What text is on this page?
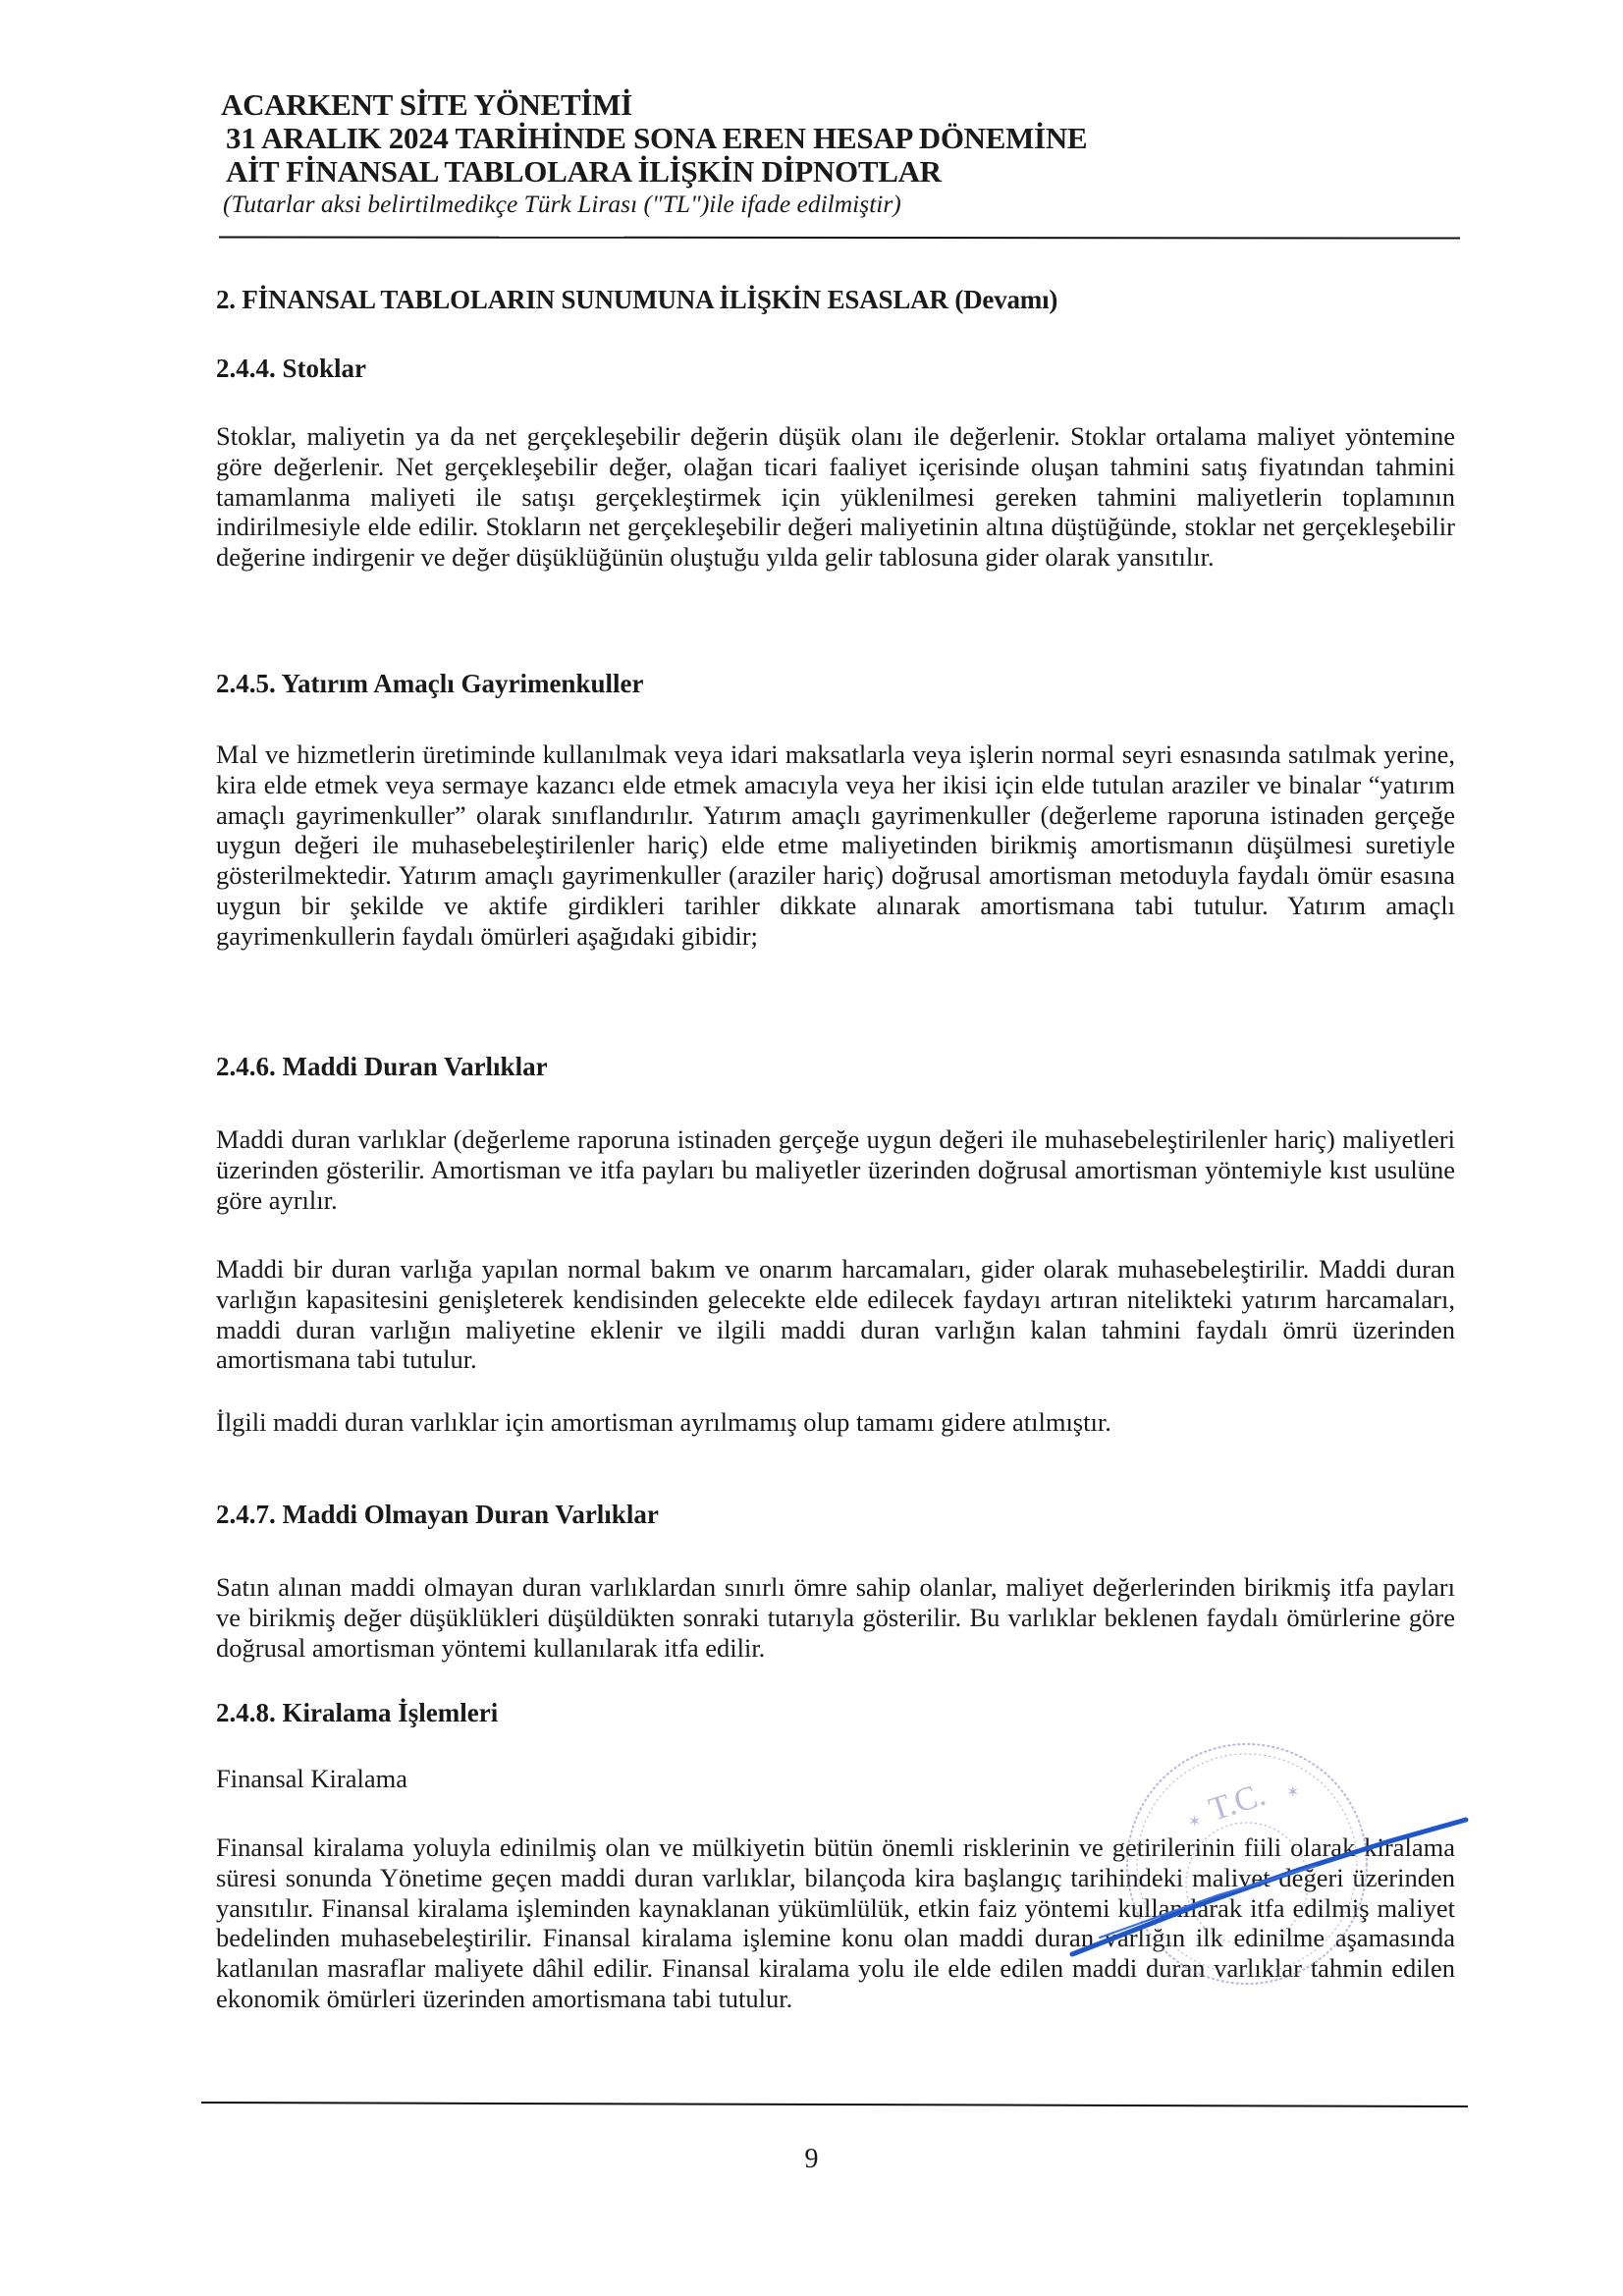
ACARKENT SİTE YÖNETİMİ
31 ARALIK 2024 TARİHİNDE SONA EREN HESAP DÖNEMİNE
AİT FİNANSAL TABLOLARA İLİŞKİN DİPNOTLAR
(Tutarlar aksi belirtilmedikçe Türk Lirası ("TL")ile ifade edilmiştir)
2. FİNANSAL TABLOLARIN SUNUMUNA İLİŞKİN ESASLAR (Devamı)
2.4.4. Stoklar

Stoklar, maliyetin ya da net gerçekleşebilir değerin düşük olanı ile değerlenir. Stoklar ortalama maliyet yöntemine göre değerlenir. Net gerçekleşebilir değer, olağan ticari faaliyet içerisinde oluşan tahmini satış fiyatından tahmini tamamlanma maliyeti ile satışı gerçekleştirmek için yüklenilmesi gereken tahmini maliyetlerin toplamının indirilmesiyle elde edilir. Stokların net gerçekleşebilir değeri maliyetinin altına düştüğünde, stoklar net gerçekleşebilir değerine indirgenir ve değer düşüklüğünün oluştuğu yılda gelir tablosuna gider olarak yansıtılır.

2.4.5. Yatırım Amaçlı Gayrimenkuller

Mal ve hizmetlerin üretiminde kullanılmak veya idari maksatlarla veya işlerin normal seyri esnasında satılmak yerine, kira elde etmek veya sermaye kazancı elde etmek amacıyla veya her ikisi için elde tutulan araziler ve binalar “yatırım amaçlı gayrimenkuller” olarak sınıflandırılır. Yatırım amaçlı gayrimenkuller (değerleme raporuna istinaden gerçeğe uygun değeri ile muhasebeleştirilenler hariç) elde etme maliyetinden birikmiş amortismanın düşülmesi suretiyle gösterilmektedir. Yatırım amaçlı gayrimenkuller (araziler hariç) doğrusal amortisman metoduyla faydalı ömür esasına uygun bir şekilde ve aktife girdikleri tarihler dikkate alınarak amortismana tabi tutulur. Yatırım amaçlı gayrimenkullerin faydalı ömürleri aşağıdaki gibidir;

2.4.6. Maddi Duran Varlıklar

Maddi duran varlıklar (değerleme raporuna istinaden gerçeğe uygun değeri ile muhasebeleştirilenler hariç) maliyetleri üzerinden gösterilir. Amortisman ve itfa payları bu maliyetler üzerinden doğrusal amortisman yöntemiyle kıst usulüne göre ayrılır.

Maddi bir duran varlığa yapılan normal bakım ve onarım harcamaları, gider olarak muhasebeleştirilir. Maddi duran varlığın kapasitesini genişleterek kendisinden gelecekte elde edilecek faydayı artıran nitelikteki yatırım harcamaları, maddi duran varlığın maliyetine eklenir ve ilgili maddi duran varlığın kalan tahmini faydalı ömrü üzerinden amortismana tabi tutulur.

İlgili maddi duran varlıklar için amortisman ayrılmamış olup tamamı gidere atılmıştır.

2.4.7. Maddi Olmayan Duran Varlıklar

Satın alınan maddi olmayan duran varlıklardan sınırlı ömre sahip olanlar, maliyet değerlerinden birikmiş itfa payları ve birikmiş değer düşüklükleri düşüldükten sonraki tutarıyla gösterilir. Bu varlıklar beklenen faydalı ömürlerine göre doğrusal amortisman yöntemi kullanılarak itfa edilir.

2.4.8. Kiralama İşlemleri

Finansal Kiralama

Finansal kiralama yoluyla edinilmiş olan ve mülkiyetin bütün önemli risklerinin ve getirilerinin fiili olarak kiralama süresi sonunda Yönetime geçen maddi duran varlıklar, bilançoda kira başlangıç tarihindeki maliyet değeri üzerinden yansıtılır. Finansal kiralama işleminden kaynaklanan yükümlülük, etkin faiz yöntemi kullanılarak itfa edilmiş maliyet bedelinden muhasebeleştirilir. Finansal kiralama işlemine konu olan maddi duran varlığın ilk edinilme aşamasında katlanılan masraflar maliyete dâhil edilir. Finansal kiralama yolu ile elde edilen maddi duran varlıklar tahmin edilen ekonomik ömürleri üzerinden amortismana tabi tutulur.

T.C.
✶
✶
9
